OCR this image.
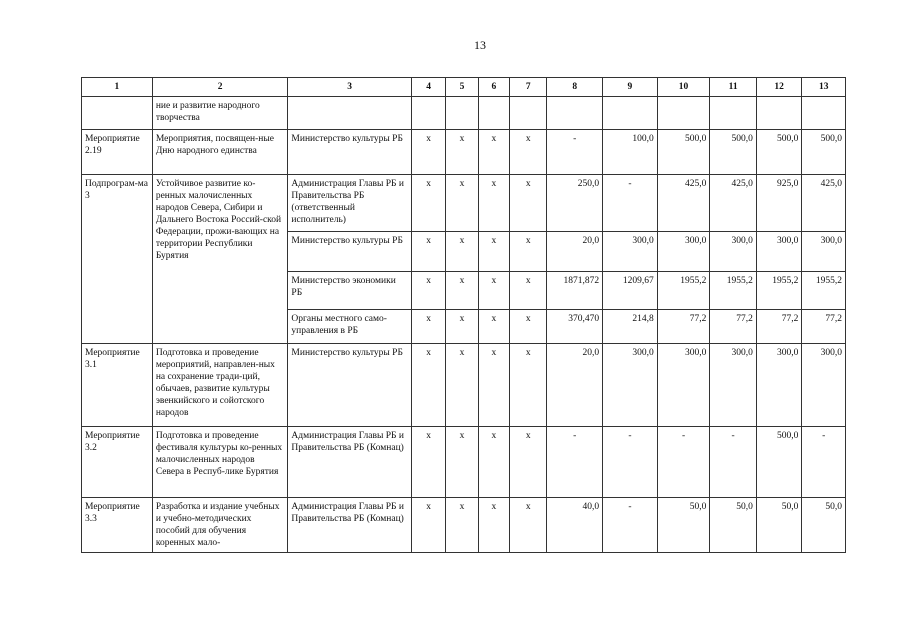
13
1	2	3	4	5	6	7	8	9	10	11	12	13
	ние и развитие народного творчества											
Мероприятие 2.19	Мероприятия, посвящен-ные Дню народного единства	Министерство культуры РБ	х	х	х	х	-	100,0	500,0	500,0	500,0	500,0
Подпрограм-ма 3	Устойчивое развитие ко-ренных малочисленных народов Севера, Сибири и Дальнего Востока Россий-ской Федерации, прожи-вающих на территории Республики Бурятия	Администрация Главы РБ и Правительства РБ (ответственный исполнитель)	х	х	х	х	250,0	-	425,0	425,0	925,0	425,0
		Министерство культуры РБ	х	х	х	х	20,0	300,0	300,0	300,0	300,0	300,0
		Министерство экономики РБ	х	х	х	х	1871,872	1209,67	1955,2	1955,2	1955,2	1955,2
		Органы местного само-управления в РБ	х	х	х	х	370,470	214,8	77,2	77,2	77,2	77,2
Мероприятие 3.1	Подготовка и проведение мероприятий, направлен-ных на сохранение тради-ций, обычаев, развитие культуры эвенкийского и сойотского народов	Министерство культуры РБ	х	х	х	х	20,0	300,0	300,0	300,0	300,0	300,0
Мероприятие 3.2	Подготовка и проведение фестиваля культуры ко-ренных малочисленных народов Севера в Респуб-лике Бурятия	Администрация Главы РБ и Правительства РБ (Комнац)	х	х	х	х	-	-	-	-	500,0	-
Мероприятие 3.3	Разработка и издание учебных и учебно-методических пособий для обучения коренных мало-	Администрация Главы РБ и Правительства РБ (Комнац)	х	х	х	х	40,0	-	50,0	50,0	50,0	50,0
